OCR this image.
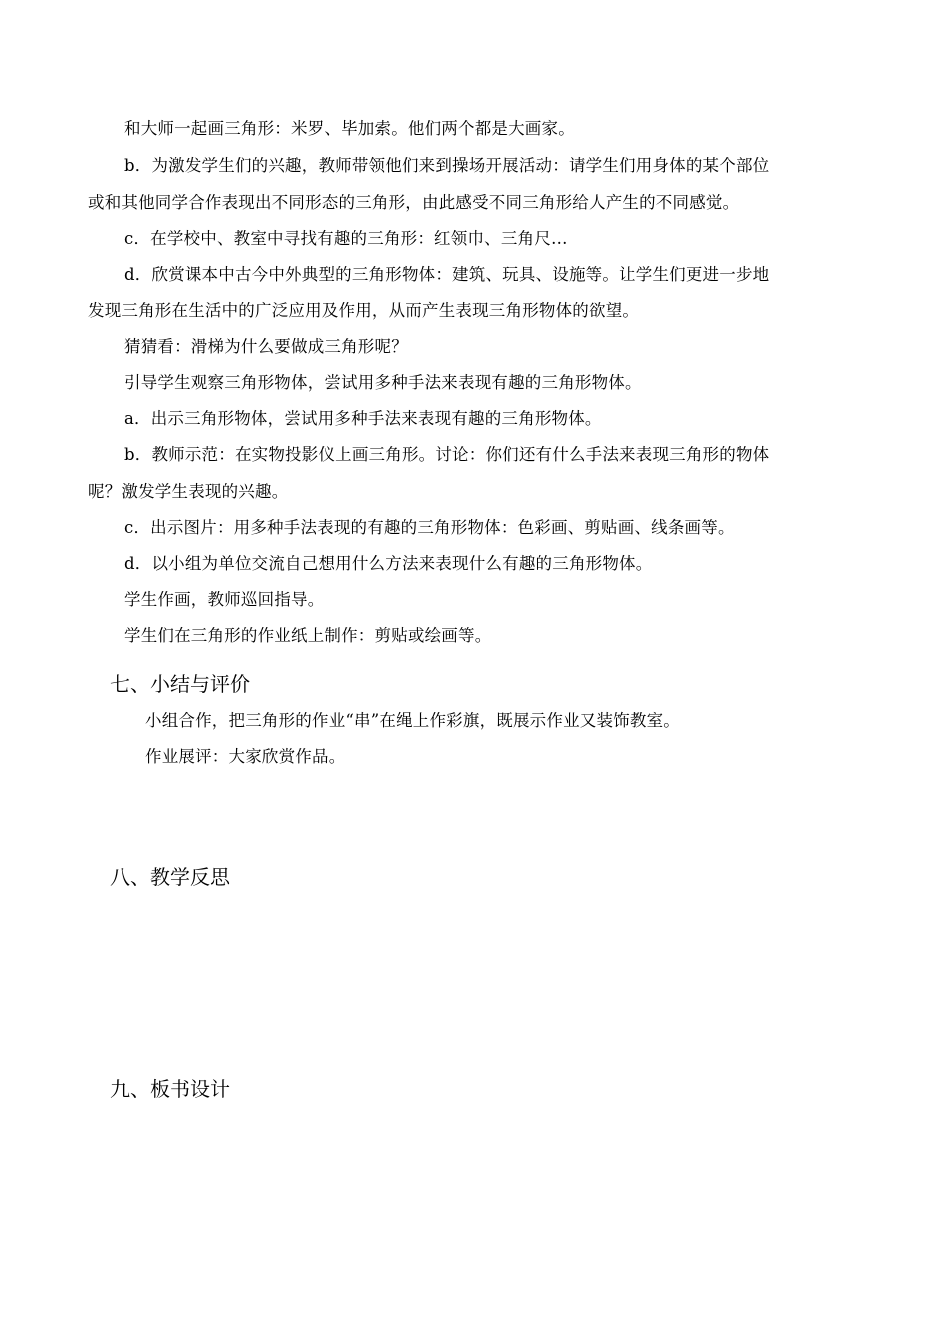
和大师一起画三角形：米罗、毕加索。他们两个都是大画家。
b．为激发学生们的兴趣，教师带领他们来到操场开展活动：请学生们用身体的某个部位
或和其他同学合作表现出不同形态的三角形，由此感受不同三角形给人产生的不同感觉。
c．在学校中、教室中寻找有趣的三角形：红领巾、三角尺…
d．欣赏课本中古今中外典型的三角形物体：建筑、玩具、设施等。让学生们更进一步地
发现三角形在生活中的广泛应用及作用，从而产生表现三角形物体的欲望。
猜猜看：滑梯为什么要做成三角形呢？
引导学生观察三角形物体，尝试用多种手法来表现有趣的三角形物体。
a．出示三角形物体，尝试用多种手法来表现有趣的三角形物体。
b．教师示范：在实物投影仪上画三角形。讨论：你们还有什么手法来表现三角形的物体
呢？激发学生表现的兴趣。
c．出示图片：用多种手法表现的有趣的三角形物体：色彩画、剪贴画、线条画等。
d．以小组为单位交流自己想用什么方法来表现什么有趣的三角形物体。
学生作画，教师巡回指导。
学生们在三角形的作业纸上制作：剪贴或绘画等。
七、小结与评价
小组合作，把三角形的作业“串”在绳上作彩旗，既展示作业又装饰教室。
作业展评：大家欣赏作品。
八、教学反思
九、板书设计
